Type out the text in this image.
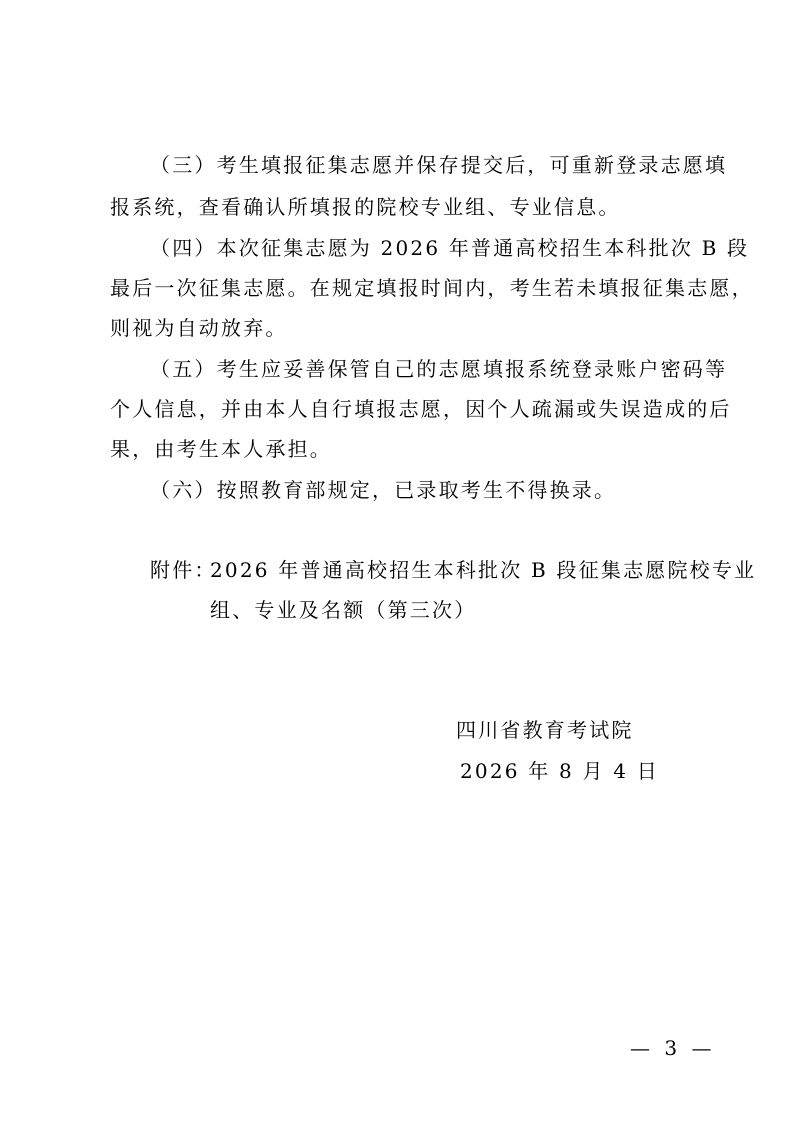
（三）考生填报征集志愿并保存提交后，可重新登录志愿填
报系统，查看确认所填报的院校专业组、专业信息。
（四）本次征集志愿为 2026 年普通高校招生本科批次 B 段
最后一次征集志愿。在规定填报时间内，考生若未填报征集志愿，
则视为自动放弃。
（五）考生应妥善保管自己的志愿填报系统登录账户密码等
个人信息，并由本人自行填报志愿，因个人疏漏或失误造成的后
果，由考生本人承担。
（六）按照教育部规定，已录取考生不得换录。
附件：
2026 年普通高校招生本科批次 B 段征集志愿院校专业
组、专业及名额（第三次）
四川省教育考试院
2026 年 8 月 4 日
— 3 —
